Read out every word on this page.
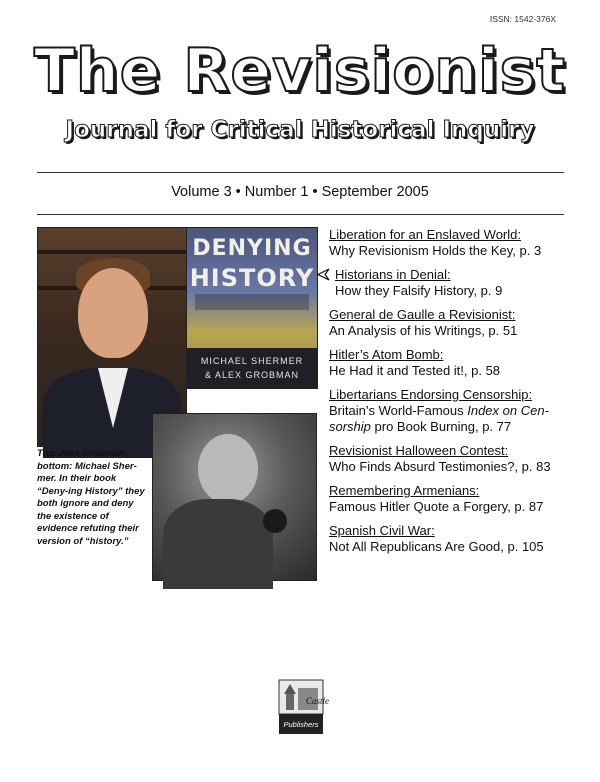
ISSN: 1542-376X
The Revisionist
Journal for Critical Historical Inquiry
Volume 3 • Number 1 • September 2005
DENYING
HISTORY
MICHAEL SHERMER
& ALEX GROBMAN
Top: Alex Grobman; bottom: Michael Sher-mer. In their book “Deny-ing History” they both ignore and deny the existence of evidence refuting their version of “history.”
Liberation for an Enslaved World:
Why Revisionism Holds the Key, p. 3
Historians in Denial:
How they Falsify History, p. 9
General de Gaulle a Revisionist:
An Analysis of his Writings, p. 51
Hitler’s Atom Bomb:
He Had it and Tested it!, p. 58
Libertarians Endorsing Censorship:
Britain’s World-Famous Index on Cen-sorship pro Book Burning, p. 77
Revisionist Halloween Contest:
Who Finds Absurd Testimonies?, p. 83
Remembering Armenians:
Famous Hitler Quote a Forgery, p. 87
Spanish Civil War:
Not All Republicans Are Good, p. 105
Castle
Publishers
